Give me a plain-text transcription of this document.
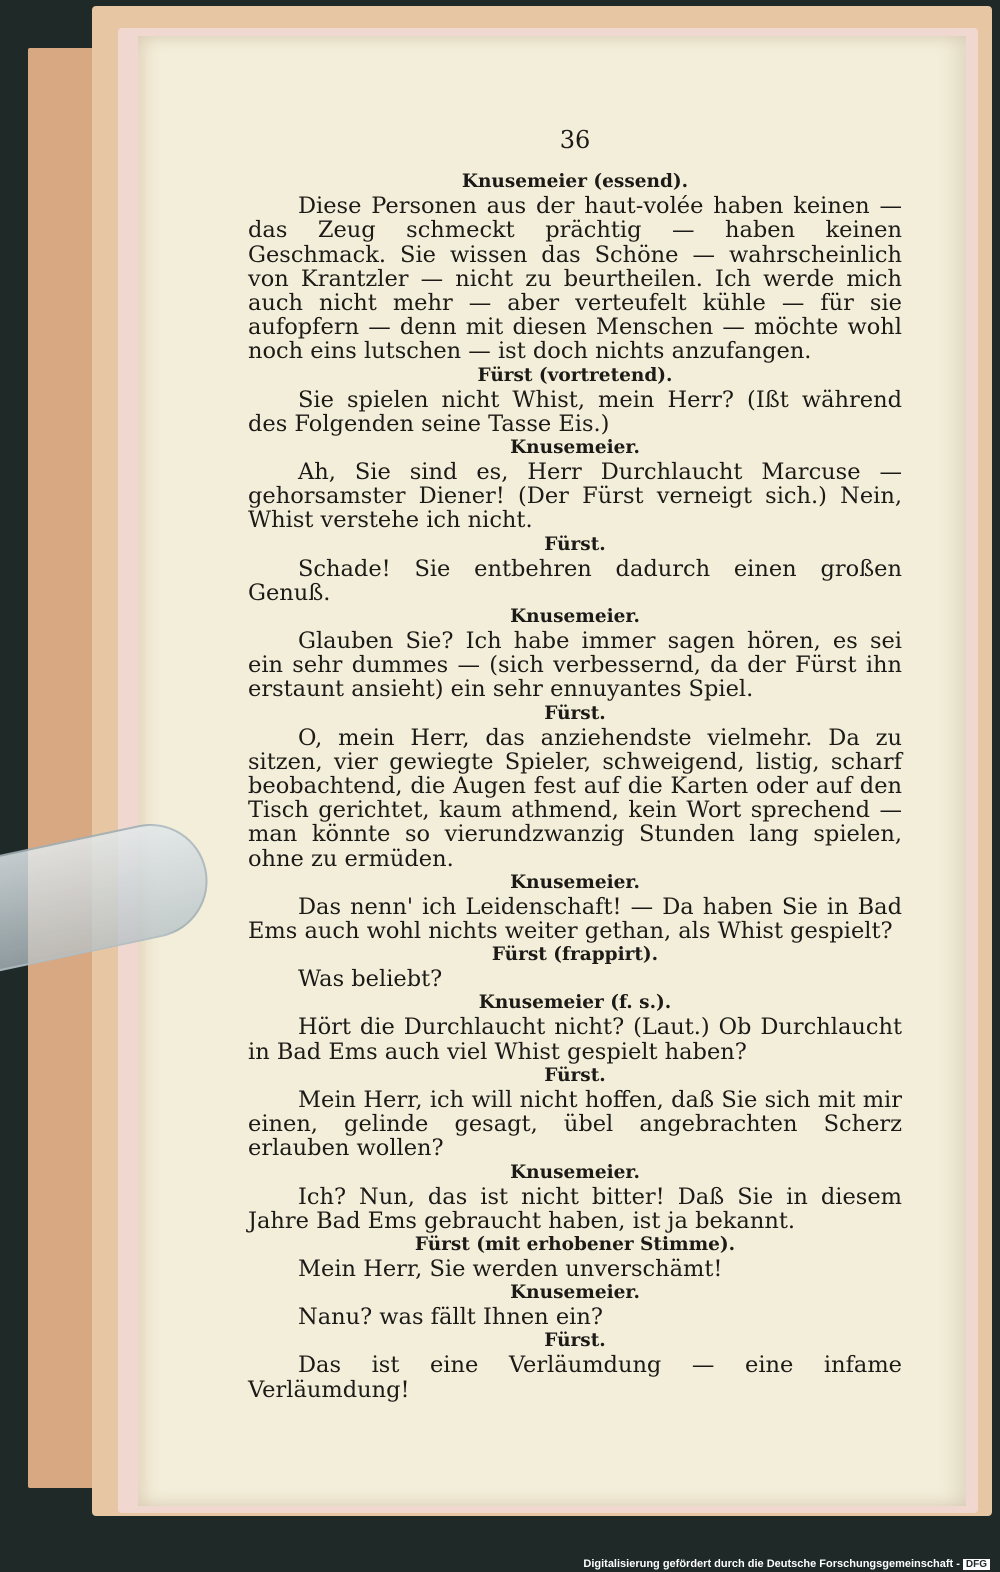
36
Knusemeier (essend).
Diese Personen aus der haut-volée haben keinen — das Zeug schmeckt prächtig — haben keinen Geschmack. Sie wissen das Schöne — wahrscheinlich von Krantzler — nicht zu beurtheilen. Ich werde mich auch nicht mehr — aber verteufelt kühle — für sie aufopfern — denn mit diesen Menschen — möchte wohl noch eins lutschen — ist doch nichts anzufangen.
Fürst (vortretend).
Sie spielen nicht Whist, mein Herr? (Ißt während des Folgenden seine Tasse Eis.)
Knusemeier.
Ah, Sie sind es, Herr Durchlaucht Marcuse — gehorsamster Diener! (Der Fürst verneigt sich.) Nein, Whist verstehe ich nicht.
Fürst.
Schade! Sie entbehren dadurch einen großen Genuß.
Knusemeier.
Glauben Sie? Ich habe immer sagen hören, es sei ein sehr dummes — (sich verbessernd, da der Fürst ihn erstaunt ansieht) ein sehr ennuyantes Spiel.
Fürst.
O, mein Herr, das anziehendste vielmehr. Da zu sitzen, vier gewiegte Spieler, schweigend, listig, scharf beobachtend, die Augen fest auf die Karten oder auf den Tisch gerichtet, kaum athmend, kein Wort sprechend — man könnte so vierundzwanzig Stunden lang spielen, ohne zu ermüden.
Knusemeier.
Das nenn' ich Leidenschaft! — Da haben Sie in Bad Ems auch wohl nichts weiter gethan, als Whist gespielt?
Fürst (frappirt).
Was beliebt?
Knusemeier (f. s.).
Hört die Durchlaucht nicht? (Laut.) Ob Durchlaucht in Bad Ems auch viel Whist gespielt haben?
Fürst.
Mein Herr, ich will nicht hoffen, daß Sie sich mit mir einen, gelinde gesagt, übel angebrachten Scherz erlauben wollen?
Knusemeier.
Ich? Nun, das ist nicht bitter! Daß Sie in diesem Jahre Bad Ems gebraucht haben, ist ja bekannt.
Fürst (mit erhobener Stimme).
Mein Herr, Sie werden unverschämt!
Knusemeier.
Nanu? was fällt Ihnen ein?
Fürst.
Das ist eine Verläumdung — eine infame Verläumdung!
Digitalisierung gefördert durch die Deutsche Forschungsgemeinschaft - DFG
